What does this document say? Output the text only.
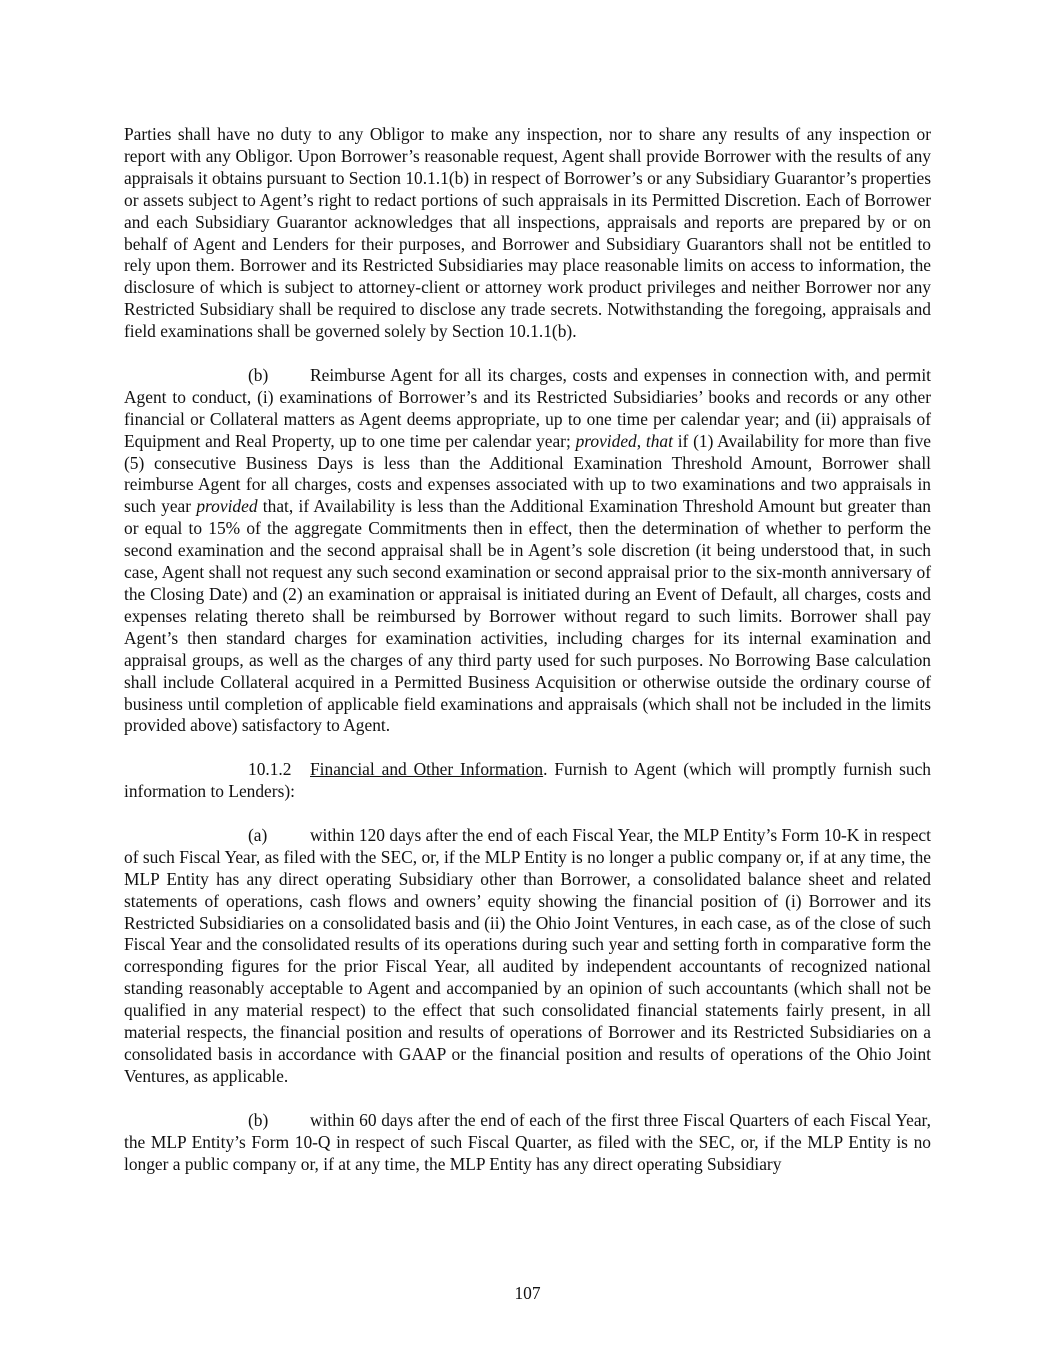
Parties shall have no duty to any Obligor to make any inspection, nor to share any results of any inspection or report with any Obligor. Upon Borrower’s reasonable request, Agent shall provide Borrower with the results of any appraisals it obtains pursuant to Section 10.1.1(b) in respect of Borrower’s or any Subsidiary Guarantor’s properties or assets subject to Agent’s right to redact portions of such appraisals in its Permitted Discretion. Each of Borrower and each Subsidiary Guarantor acknowledges that all inspections, appraisals and reports are prepared by or on behalf of Agent and Lenders for their purposes, and Borrower and Subsidiary Guarantors shall not be entitled to rely upon them. Borrower and its Restricted Subsidiaries may place reasonable limits on access to information, the disclosure of which is subject to attorney-client or attorney work product privileges and neither Borrower nor any Restricted Subsidiary shall be required to disclose any trade secrets. Notwithstanding the foregoing, appraisals and field examinations shall be governed solely by Section 10.1.1(b).

(b) Reimburse Agent for all its charges, costs and expenses in connection with, and permit Agent to conduct, (i) examinations of Borrower’s and its Restricted Subsidiaries’ books and records or any other financial or Collateral matters as Agent deems appropriate, up to one time per calendar year; and (ii) appraisals of Equipment and Real Property, up to one time per calendar year; provided, that if (1) Availability for more than five (5) consecutive Business Days is less than the Additional Examination Threshold Amount, Borrower shall reimburse Agent for all charges, costs and expenses associated with up to two examinations and two appraisals in such year provided that, if Availability is less than the Additional Examination Threshold Amount but greater than or equal to 15% of the aggregate Commitments then in effect, then the determination of whether to perform the second examination and the second appraisal shall be in Agent’s sole discretion (it being understood that, in such case, Agent shall not request any such second examination or second appraisal prior to the six-month anniversary of the Closing Date) and (2) an examination or appraisal is initiated during an Event of Default, all charges, costs and expenses relating thereto shall be reimbursed by Borrower without regard to such limits. Borrower shall pay Agent’s then standard charges for examination activities, including charges for its internal examination and appraisal groups, as well as the charges of any third party used for such purposes. No Borrowing Base calculation shall include Collateral acquired in a Permitted Business Acquisition or otherwise outside the ordinary course of business until completion of applicable field examinations and appraisals (which shall not be included in the limits provided above) satisfactory to Agent.

10.1.2 Financial and Other Information. Furnish to Agent (which will promptly furnish such information to Lenders):

(a) within 120 days after the end of each Fiscal Year, the MLP Entity’s Form 10-K in respect of such Fiscal Year, as filed with the SEC, or, if the MLP Entity is no longer a public company or, if at any time, the MLP Entity has any direct operating Subsidiary other than Borrower, a consolidated balance sheet and related statements of operations, cash flows and owners’ equity showing the financial position of (i) Borrower and its Restricted Subsidiaries on a consolidated basis and (ii) the Ohio Joint Ventures, in each case, as of the close of such Fiscal Year and the consolidated results of its operations during such year and setting forth in comparative form the corresponding figures for the prior Fiscal Year, all audited by independent accountants of recognized national standing reasonably acceptable to Agent and accompanied by an opinion of such accountants (which shall not be qualified in any material respect) to the effect that such consolidated financial statements fairly present, in all material respects, the financial position and results of operations of Borrower and its Restricted Subsidiaries on a consolidated basis in accordance with GAAP or the financial position and results of operations of the Ohio Joint Ventures, as applicable.

(b) within 60 days after the end of each of the first three Fiscal Quarters of each Fiscal Year, the MLP Entity’s Form 10-Q in respect of such Fiscal Quarter, as filed with the SEC, or, if the MLP Entity is no longer a public company or, if at any time, the MLP Entity has any direct operating Subsidiary

107
